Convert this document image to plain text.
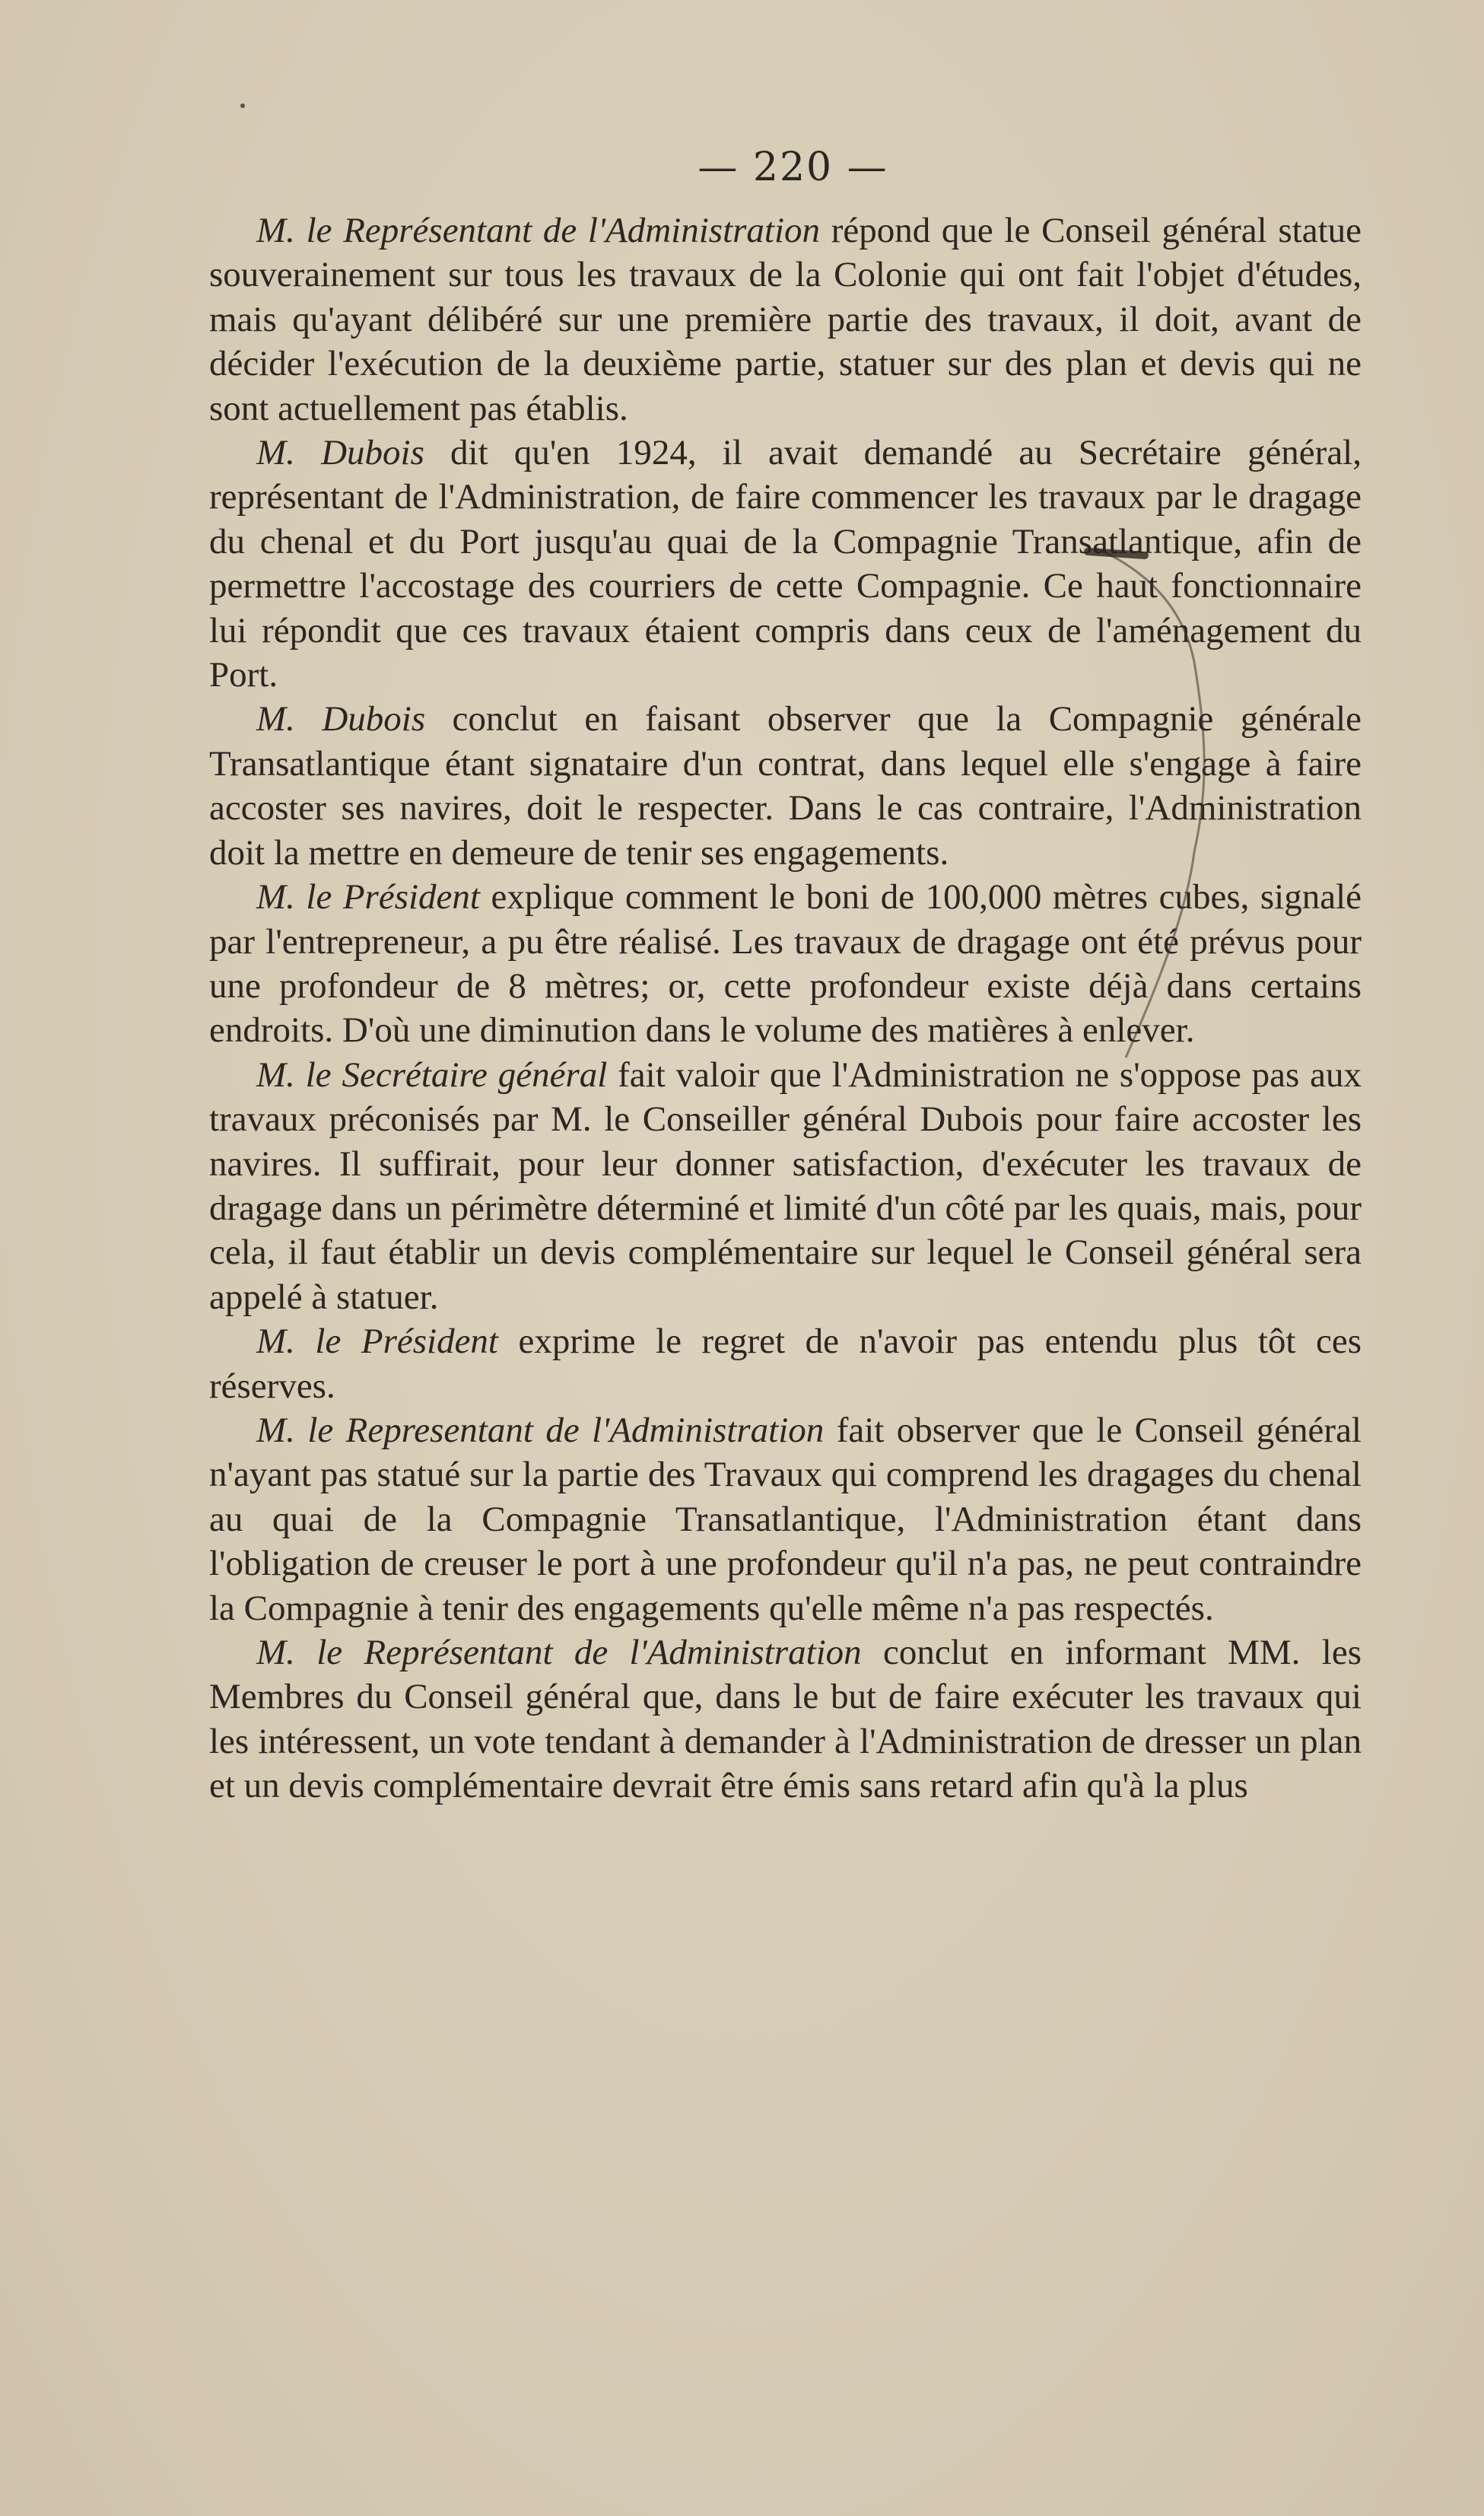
— 220 —

M. le Représentant de l'Administration répond que le Conseil général statue souverainement sur tous les travaux de la Colonie qui ont fait l'objet d'études, mais qu'ayant délibéré sur une première partie des travaux, il doit, avant de décider l'exécution de la deuxième partie, statuer sur des plan et devis qui ne sont actuellement pas établis.

M. Dubois dit qu'en 1924, il avait demandé au Secrétaire général, représentant de l'Administration, de faire commencer les travaux par le dragage du chenal et du Port jusqu'au quai de la Compagnie Transatlantique, afin de permettre l'accostage des courriers de cette Compagnie. Ce haut fonctionnaire lui répondit que ces travaux étaient compris dans ceux de l'aménagement du Port.

M. Dubois conclut en faisant observer que la Compagnie générale Transatlantique étant signataire d'un contrat, dans lequel elle s'engage à faire accoster ses navires, doit le respecter. Dans le cas contraire, l'Administration doit la mettre en demeure de tenir ses engagements.

M. le Président explique comment le boni de 100,000 mètres cubes, signalé par l'entrepreneur, a pu être réalisé. Les travaux de dragage ont été prévus pour une profondeur de 8 mètres; or, cette profondeur existe déjà dans certains endroits. D'où une diminution dans le volume des matières à enlever.

M. le Secrétaire général fait valoir que l'Administration ne s'oppose pas aux travaux préconisés par M. le Conseiller général Dubois pour faire accoster les navires. Il suffirait, pour leur donner satisfaction, d'exécuter les travaux de dragage dans un périmètre déterminé et limité d'un côté par les quais, mais, pour cela, il faut établir un devis complémentaire sur lequel le Conseil général sera appelé à statuer.

M. le Président exprime le regret de n'avoir pas entendu plus tôt ces réserves.

M. le Representant de l'Administration fait observer que le Conseil général n'ayant pas statué sur la partie des Travaux qui comprend les dragages du chenal au quai de la Compagnie Transatlantique, l'Administration étant dans l'obligation de creuser le port à une profondeur qu'il n'a pas, ne peut contraindre la Compagnie à tenir des engagements qu'elle même n'a pas respectés.

M. le Représentant de l'Administration conclut en informant MM. les Membres du Conseil général que, dans le but de faire exécuter les travaux qui les intéressent, un vote tendant à demander à l'Administration de dresser un plan et un devis complémentaire devrait être émis sans retard afin qu'à la plus
